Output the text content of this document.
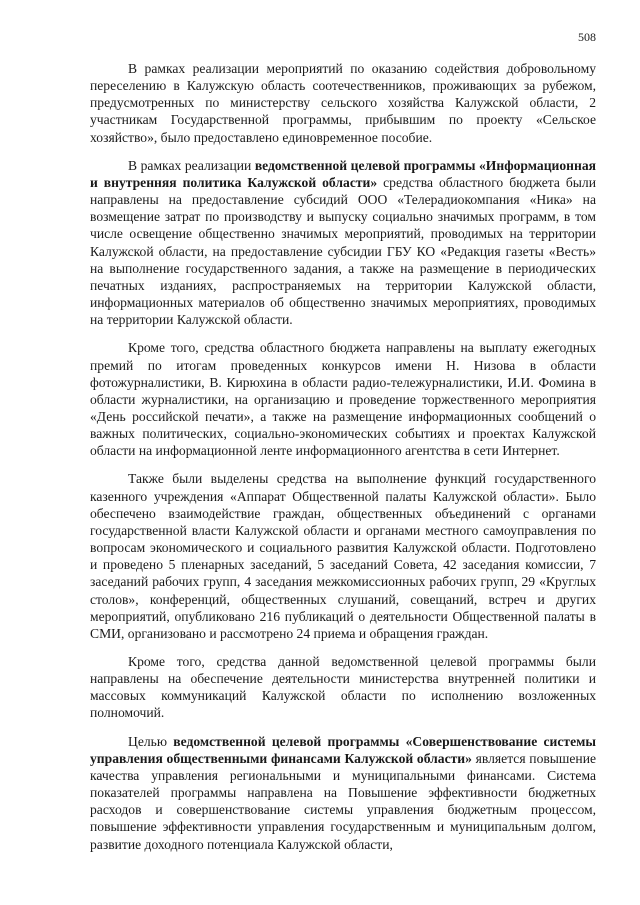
508

В рамках реализации мероприятий по оказанию содействия добровольному переселению в Калужскую область соотечественников, проживающих за рубежом, предусмотренных по министерству сельского хозяйства Калужской области, 2 участникам Государственной программы, прибывшим по проекту «Сельское хозяйство», было предоставлено единовременное пособие.

В рамках реализации ведомственной целевой программы «Информационная и внутренняя политика Калужской области» средства областного бюджета были направлены на предоставление субсидий ООО «Телерадиокомпания «Ника» на возмещение затрат по производству и выпуску социально значимых программ, в том числе освещение общественно значимых мероприятий, проводимых на территории Калужской области, на предоставление субсидии ГБУ КО «Редакция газеты «Весть» на выполнение государственного задания, а также на размещение в периодических печатных изданиях, распространяемых на территории Калужской области, информационных материалов об общественно значимых мероприятиях, проводимых на территории Калужской области.

Кроме того, средства областного бюджета направлены на выплату ежегодных премий по итогам проведенных конкурсов имени Н. Низова в области фотожурналистики, В. Кирюхина в области радио-тележурналистики, И.И. Фомина в области журналистики, на организацию и проведение торжественного мероприятия «День российской печати», а также на размещение информационных сообщений о важных политических, социально-экономических событиях и проектах Калужской области на информационной ленте информационного агентства в сети Интернет.

Также были выделены средства на выполнение функций государственного казенного учреждения «Аппарат Общественной палаты Калужской области». Было обеспечено взаимодействие граждан, общественных объединений с органами государственной власти Калужской области и органами местного самоуправления по вопросам экономического и социального развития Калужской области. Подготовлено и проведено 5 пленарных заседаний, 5 заседаний Совета, 42 заседания комиссии, 7 заседаний рабочих групп, 4 заседания межкомиссионных рабочих групп, 29 «Круглых столов», конференций, общественных слушаний, совещаний, встреч и других мероприятий, опубликовано 216 публикаций о деятельности Общественной палаты в СМИ, организовано и рассмотрено 24 приема и обращения граждан.

Кроме того, средства данной ведомственной целевой программы были направлены на обеспечение деятельности министерства внутренней политики и массовых коммуникаций Калужской области по исполнению возложенных полномочий.

Целью ведомственной целевой программы «Совершенствование системы управления общественными финансами Калужской области» является повышение качества управления региональными и муниципальными финансами. Система показателей программы направлена на Повышение эффективности бюджетных расходов и совершенствование системы управления бюджетным процессом, повышение эффективности управления государственным и муниципальным долгом, развитие доходного потенциала Калужской области,
